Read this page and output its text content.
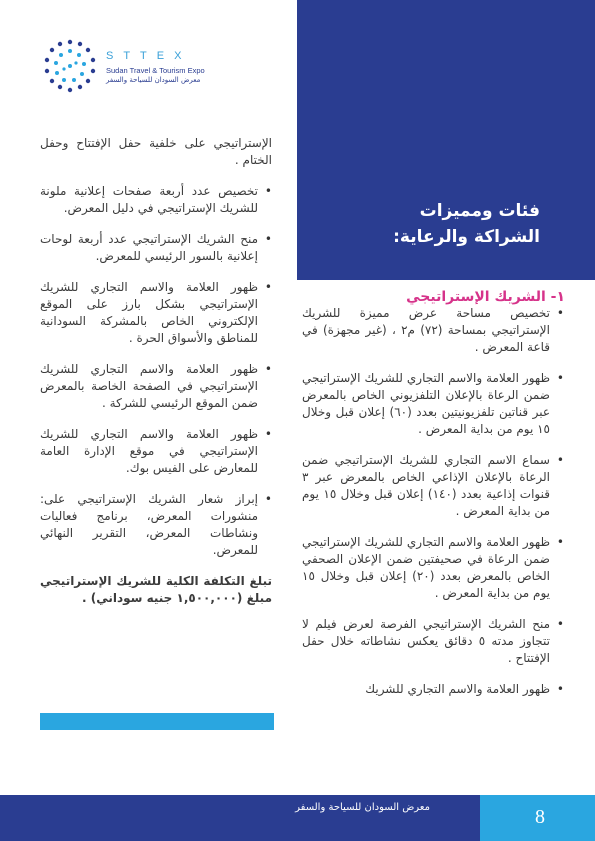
STTEX
Sudan Travel & Tourism Expo
معرض السودان للسياحة والسفر
فئات ومميزات
الشراكة والرعاية:
١- الشريك الإستراتيجي
• تخصيص مساحة عرض مميزة للشريك الإستراتيجي بمساحة (٧٢) م٢ ، (غير مجهزة) في قاعة المعرض .
• ظهور العلامة والاسم التجاري للشريك الإستراتيجي ضمن الرعاة بالإعلان التلفزيوني الخاص بالمعرض عبر قناتين تلفزيونيتين بعدد (٦٠) إعلان قبل وخلال ١٥ يوم من بداية المعرض .
• سماع الاسم التجاري للشريك الإستراتيجي ضمن الرعاة بالإعلان الإذاعي الخاص بالمعرض عبر ٣ قنوات إذاعية بعدد (١٤٠) إعلان قبل وخلال ١٥ يوم من بداية المعرض .
• ظهور العلامة والاسم التجاري للشريك الإستراتيجي ضمن الرعاة في صحيفتين ضمن الإعلان الصحفي الخاص بالمعرض بعدد (٢٠) إعلان قبل وخلال ١٥ يوم من بداية المعرض .
• منح الشريك الإستراتيجي الفرصة لعرض فيلم لا تتجاوز مدته ٥ دقائق يعكس نشاطاته خلال حفل الإفتتاح .
• ظهور العلامة والاسم التجاري للشريك

الإستراتيجي على خلفية حفل الإفتتاح وحفل الختام .

• تخصيص عدد أربعة صفحات إعلانية ملونة للشريك الإستراتيجي في دليل المعرض.
• منح الشريك الإستراتيجي عدد أربعة لوحات إعلانية بالسور الرئيسي للمعرض.
• ظهور العلامة والاسم التجاري للشريك الإستراتيجي بشكل بارز على الموقع الإلكتروني الخاص بالمشركة السودانية للمناطق والأسواق الحرة .
• ظهور العلامة والاسم التجاري للشريك الإستراتيجي في الصفحة الخاصة بالمعرض ضمن الموقع الرئيسي للشركة .
• ظهور العلامة والاسم التجاري للشريك الإستراتيجي في موقع الإدارة العامة للمعارض على الفيس بوك.
• إبراز شعار الشريك الإستراتيجي على: منشورات المعرض، برنامج فعاليات ونشاطات المعرض، التقرير النهائي للمعرض.
تبلغ التكلفة الكلية للشريك الإستراتيجي مبلغ (١,٥٠٠,٠٠٠ جنيه سوداني) .
معرض السودان للسياحة والسفر	8
